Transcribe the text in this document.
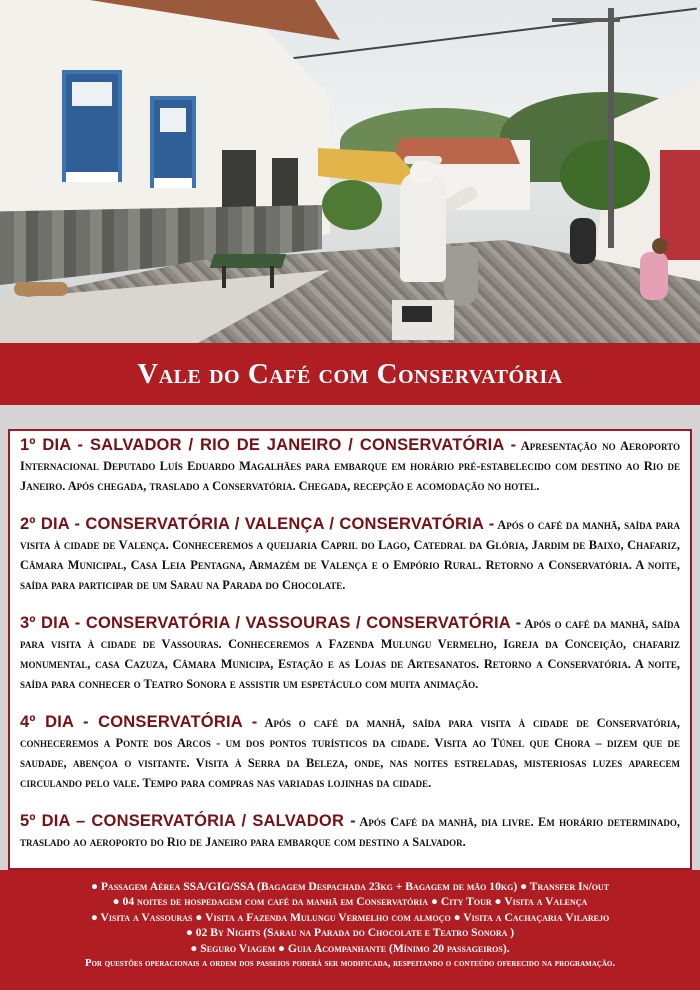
Vale do Café com Conservatória

1º DIA - SALVADOR / RIO DE JANEIRO / CONSERVATÓRIA - Apresentação no Aeroporto Internacional Deputado Luís Eduardo Magalhães para embarque em horário pré-estabelecido com destino ao Rio de Janeiro. Após chegada, traslado a Conservatória. Chegada, recepção e acomodação no hotel.

2º DIA - CONSERVATÓRIA / VALENÇA / CONSERVATÓRIA - Após o café da manhã, saída para visita à cidade de Valença. Conheceremos a queijaria Capril do Lago, Catedral da Glória, Jardim de Baixo, Chafariz, Câmara Municipal, Casa Leia Pentagna, Armazém de Valença e o Empório Rural. Retorno a Conservatória. A noite, saída para participar de um Sarau na Parada do Chocolate.

3º DIA - CONSERVATÓRIA / VASSOURAS / CONSERVATÓRIA - Após o café da manhã, saída para visita à cidade de Vassouras. Conheceremos a Fazenda Mulungu Vermelho, Igreja da Conceição, chafariz monumental, casa Cazuza, Câmara Municipa, Estação e as Lojas de Artesanatos. Retorno a Conservatória. A noite, saída para conhecer o Teatro Sonora e assistir um espetáculo com muita animação.

4º DIA - CONSERVATÓRIA - Após o café da manhã, saída para visita à cidade de Conservatória, conheceremos a Ponte dos Arcos - um dos pontos turísticos da cidade. Visita ao Túnel que Chora – dizem que de saudade, abençoa o visitante. Visita à Serra da Beleza, onde, nas noites estreladas, misteriosas luzes aparecem circulando pelo vale. Tempo para compras nas variadas lojinhas da cidade.

5º DIA – CONSERVATÓRIA / SALVADOR - Após Café da manhã, dia livre. Em horário determinado, traslado ao aeroporto do Rio de Janeiro para embarque com destino a Salvador.

● Passagem Aérea SSA/GIG/SSA (Bagagem Despachada 23kg + Bagagem de mão 10kg) ● Transfer In/out
● 04 noites de hospedagem com café da manhã em Conservatória ● City Tour ● Visita a Valença
● Visita a Vassouras ● Visita a Fazenda Mulungu Vermelho com almoço ● Visita a Cachaçaria Vilarejo
● 02 By Nights (Sarau na Parada do Chocolate e Teatro Sonora )
● Seguro Viagem ● Guia Acompanhante (Mínimo 20 passageiros).
Por questões operacionais a ordem dos passeios poderá ser modificada, respeitando o conteúdo oferecido na programação.
